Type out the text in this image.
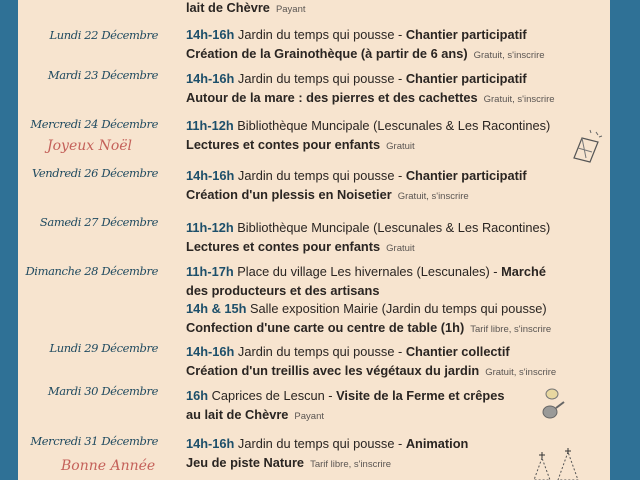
lait de Chèvre Payant
Lundi 22 Décembre 14h-16h Jardin du temps qui pousse - Chantier participatif
Création de la Grainothèque (à partir de 6 ans) Gratuit, s'inscrire
Mardi 23 Décembre 14h-16h Jardin du temps qui pousse - Chantier participatif
Autour de la mare : des pierres et des cachettes Gratuit, s'inscrire
Mercredi 24 Décembre
Joyeux Noël
11h-12h Bibliothèque Muncipale (Lescunales & Les Racontines)
Lectures et contes pour enfants Gratuit
Vendredi 26 Décembre 14h-16h Jardin du temps qui pousse - Chantier participatif
Création d'un plessis en Noisetier Gratuit, s'inscrire
Samedi 27 Décembre 11h-12h Bibliothèque Muncipale (Lescunales & Les Racontines)
Lectures et contes pour enfants Gratuit
Dimanche 28 Décembre 11h-17h Place du village Les hivernales (Lescunales) - Marché
des producteurs et des artisans
14h & 15h Salle exposition Mairie (Jardin du temps qui pousse)
Confection d'une carte ou centre de table (1h) Tarif libre, s'inscrire
Lundi 29 Décembre 14h-16h Jardin du temps qui pousse - Chantier collectif
Création d'un treillis avec les végétaux du jardin Gratuit, s'inscrire
Mardi 30 Décembre 16h Caprices de Lescun - Visite de la Ferme et crêpes
au lait de Chèvre Payant
Mercredi 31 Décembre
Bonne Année
14h-16h Jardin du temps qui pousse - Animation
Jeu de piste Nature Tarif libre, s'inscrire
